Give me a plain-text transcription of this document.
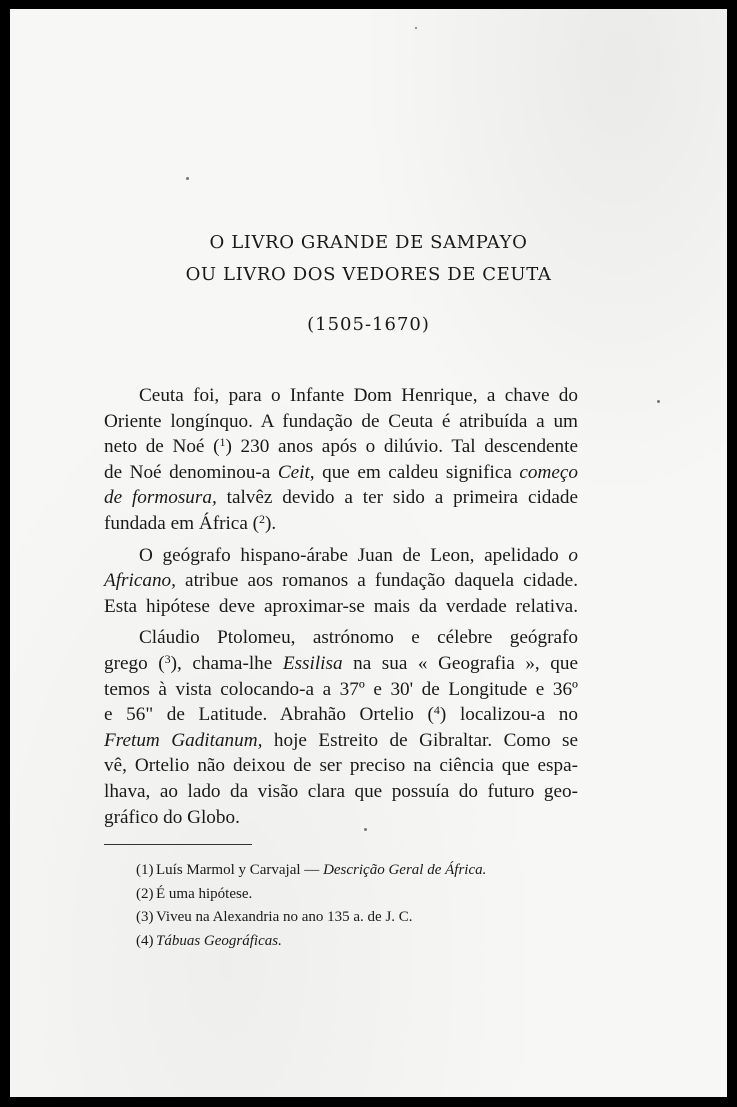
O LIVRO GRANDE DE SAMPAYO
OU LIVRO DOS VEDORES DE CEUTA
(1505-1670)
Ceuta foi, para o Infante Dom Henrique, a chave do
Oriente longínquo. A fundação de Ceuta é atribuída a um
neto de Noé ($^1$) 230 anos após o dilúvio. Tal descendente
de Noé denominou-a Ceit, que em caldeu significa começo
de formosura, talvêz devido a ter sido a primeira cidade
fundada em África ($^2$).
O geógrafo hispano-árabe Juan de Leon, apelidado o
Africano, atribue aos romanos a fundação daquela cidade.
Esta hipótese deve aproximar-se mais da verdade relativa.
Cláudio Ptolomeu, astrónomo e célebre geógrafo
grego ($^3$), chama-lhe Essilisa na sua « Geografia », que
temos à vista colocando-a a 37º e 30' de Longitude e 36º
e 56" de Latitude. Abrahão Ortelio ($^4$) localizou-a no
Fretum Gaditanum, hoje Estreito de Gibraltar. Como se
vê, Ortelio não deixou de ser preciso na ciência que espa-
lhava, ao lado da visão clara que possuía do futuro geo-
gráfico do Globo.
(1) Luís Marmol y Carvajal — Descrição Geral de África.
(2) É uma hipótese.
(3) Viveu na Alexandria no ano 135 a. de J. C.
(4) Tábuas Geográficas.
